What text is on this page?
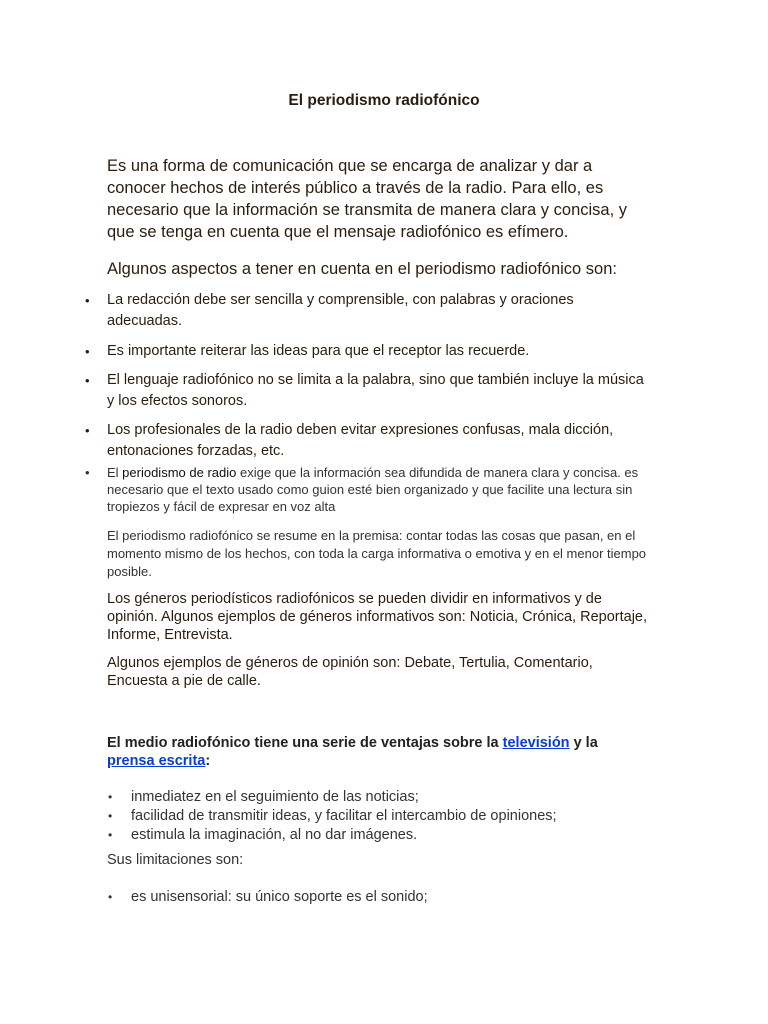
El periodismo radiofónico

Es una forma de comunicación que se encarga de analizar y dar a conocer hechos de interés público a través de la radio. Para ello, es necesario que la información se transmita de manera clara y concisa, y que se tenga en cuenta que el mensaje radiofónico es efímero.

Algunos aspectos a tener en cuenta en el periodismo radiofónico son:

• La redacción debe ser sencilla y comprensible, con palabras y oraciones adecuadas.
• Es importante reiterar las ideas para que el receptor las recuerde.
• El lenguaje radiofónico no se limita a la palabra, sino que también incluye la música y los efectos sonoros.
• Los profesionales de la radio deben evitar expresiones confusas, mala dicción, entonaciones forzadas, etc.
• El periodismo de radio exige que la información sea difundida de manera clara y concisa. es necesario que el texto usado como guion esté bien organizado y que facilite una lectura sin tropiezos y fácil de expresar en voz alta

El periodismo radiofónico se resume en la premisa: contar todas las cosas que pasan, en el momento mismo de los hechos, con toda la carga informativa o emotiva y en el menor tiempo posible.

Los géneros periodísticos radiofónicos se pueden dividir en informativos y de opinión. Algunos ejemplos de géneros informativos son: Noticia, Crónica, Reportaje, Informe, Entrevista.

Algunos ejemplos de géneros de opinión son: Debate, Tertulia, Comentario, Encuesta a pie de calle.

El medio radiofónico tiene una serie de ventajas sobre la televisión y la prensa escrita:

• inmediatez en el seguimiento de las noticias;
• facilidad de transmitir ideas, y facilitar el intercambio de opiniones;
• estimula la imaginación, al no dar imágenes.

Sus limitaciones son:

• es unisensorial: su único soporte es el sonido;
